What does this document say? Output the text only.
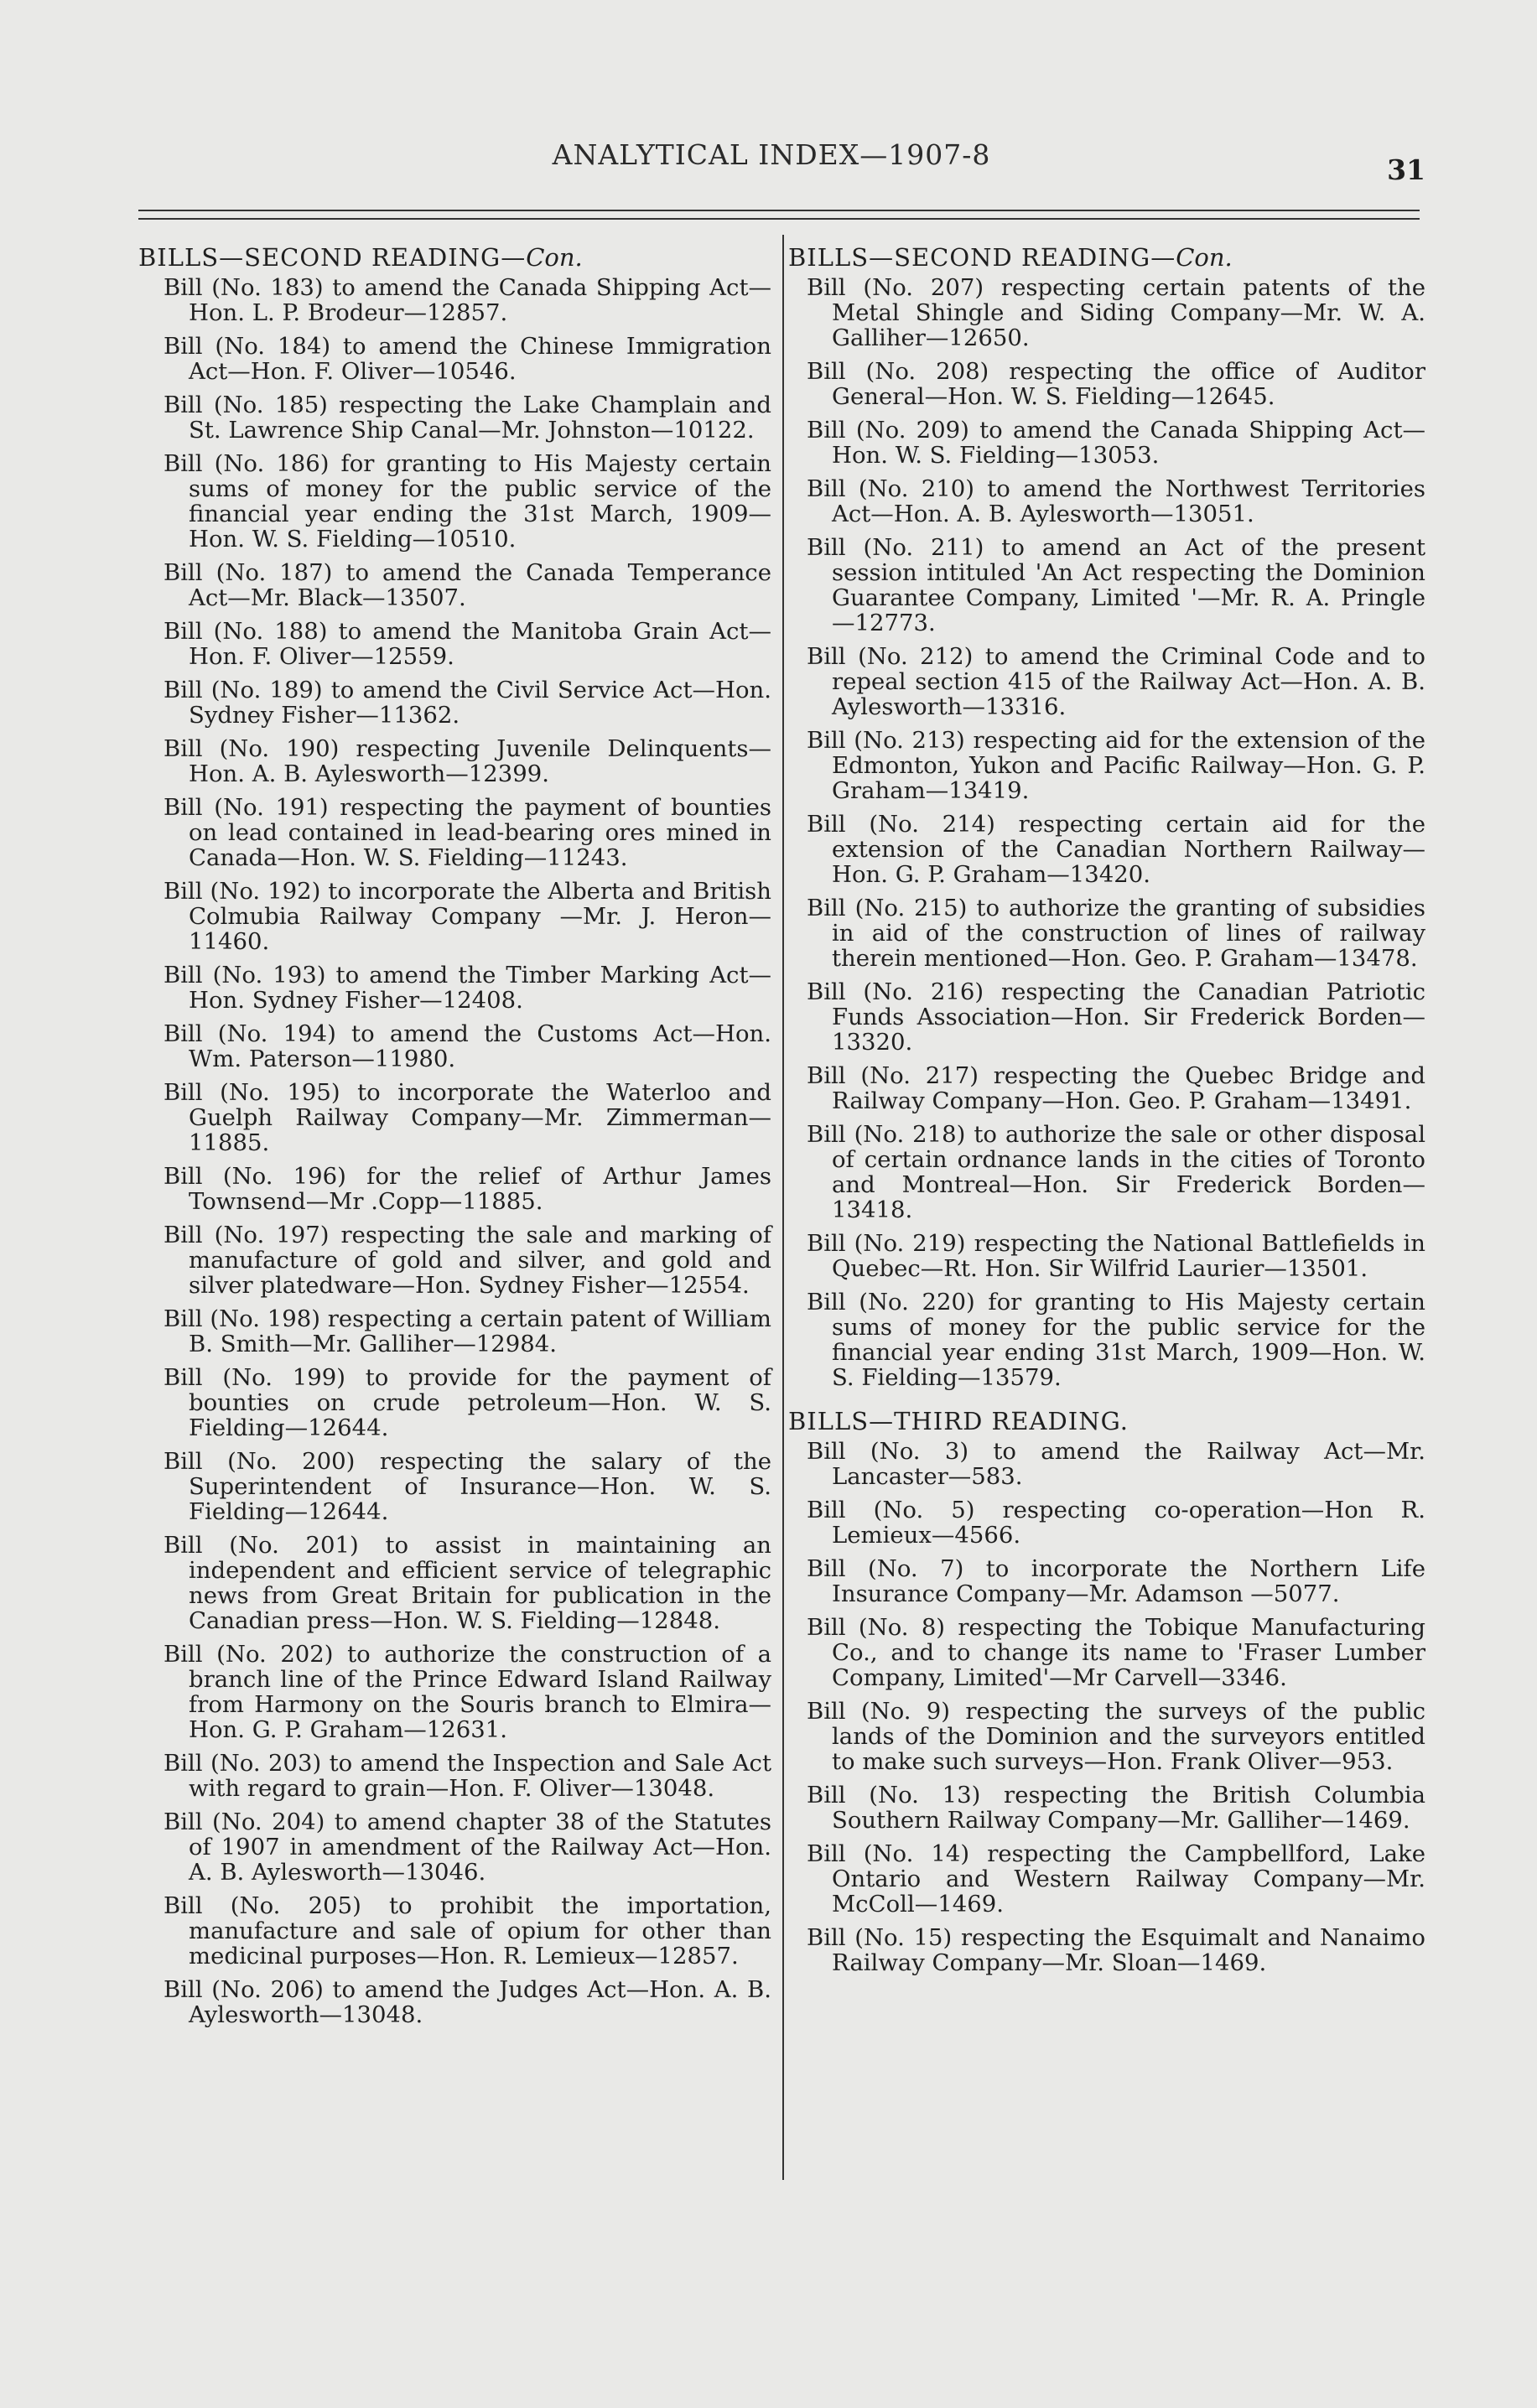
ANALYTICAL INDEX—1907-8	31
BILLS—SECOND READING—Con.

Bill (No. 183) to amend the Canada Shipping Act—Hon. L. P. Brodeur—12857.

Bill (No. 184) to amend the Chinese Immigration Act—Hon. F. Oliver—10546.

Bill (No. 185) respecting the Lake Champlain and St. Lawrence Ship Canal—Mr. Johnston—10122.

Bill (No. 186) for granting to His Majesty certain sums of money for the public service of the financial year ending the 31st March, 1909—Hon. W. S. Fielding—10510.

Bill (No. 187) to amend the Canada Temperance Act—Mr. Black—13507.

Bill (No. 188) to amend the Manitoba Grain Act—Hon. F. Oliver—12559.

Bill (No. 189) to amend the Civil Service Act—Hon. Sydney Fisher—11362.

Bill (No. 190) respecting Juvenile Delinquents—Hon. A. B. Aylesworth—12399.

Bill (No. 191) respecting the payment of bounties on lead contained in lead-bearing ores mined in Canada—Hon. W. S. Fielding—11243.

Bill (No. 192) to incorporate the Alberta and British Colmubia Railway Company —Mr. J. Heron—11460.

Bill (No. 193) to amend the Timber Marking Act—Hon. Sydney Fisher—12408.

Bill (No. 194) to amend the Customs Act—Hon. Wm. Paterson—11980.

Bill (No. 195) to incorporate the Waterloo and Guelph Railway Company—Mr. Zimmerman—11885.

Bill (No. 196) for the relief of Arthur James Townsend—Mr .Copp—11885.

Bill (No. 197) respecting the sale and marking of manufacture of gold and silver, and gold and silver platedware—Hon. Sydney Fisher—12554.

Bill (No. 198) respecting a certain patent of William B. Smith—Mr. Galliher—12984.

Bill (No. 199) to provide for the payment of bounties on crude petroleum—Hon. W. S. Fielding—12644.

Bill (No. 200) respecting the salary of the Superintendent of Insurance—Hon. W. S. Fielding—12644.

Bill (No. 201) to assist in maintaining an independent and efficient service of telegraphic news from Great Britain for publication in the Canadian press—Hon. W. S. Fielding—12848.

Bill (No. 202) to authorize the construction of a branch line of the Prince Edward Island Railway from Harmony on the Souris branch to Elmira—Hon. G. P. Graham—12631.

Bill (No. 203) to amend the Inspection and Sale Act with regard to grain—Hon. F. Oliver—13048.

Bill (No. 204) to amend chapter 38 of the Statutes of 1907 in amendment of the Railway Act—Hon. A. B. Aylesworth—13046.

Bill (No. 205) to prohibit the importation, manufacture and sale of opium for other than medicinal purposes—Hon. R. Lemieux—12857.

Bill (No. 206) to amend the Judges Act—Hon. A. B. Aylesworth—13048.

BILLS—SECOND READING—Con.

Bill (No. 207) respecting certain patents of the Metal Shingle and Siding Company—Mr. W. A. Galliher—12650.

Bill (No. 208) respecting the office of Auditor General—Hon. W. S. Fielding—12645.

Bill (No. 209) to amend the Canada Shipping Act—Hon. W. S. Fielding—13053.

Bill (No. 210) to amend the Northwest Territories Act—Hon. A. B. Aylesworth—13051.

Bill (No. 211) to amend an Act of the present session intituled 'An Act respecting the Dominion Guarantee Company, Limited '—Mr. R. A. Pringle—12773.

Bill (No. 212) to amend the Criminal Code and to repeal section 415 of the Railway Act—Hon. A. B. Aylesworth—13316.

Bill (No. 213) respecting aid for the extension of the Edmonton, Yukon and Pacific Railway—Hon. G. P. Graham—13419.

Bill (No. 214) respecting certain aid for the extension of the Canadian Northern Railway—Hon. G. P. Graham—13420.

Bill (No. 215) to authorize the granting of subsidies in aid of the construction of lines of railway therein mentioned—Hon. Geo. P. Graham—13478.

Bill (No. 216) respecting the Canadian Patriotic Funds Association—Hon. Sir Frederick Borden—13320.

Bill (No. 217) respecting the Quebec Bridge and Railway Company—Hon. Geo. P. Graham—13491.

Bill (No. 218) to authorize the sale or other disposal of certain ordnance lands in the cities of Toronto and Montreal—Hon. Sir Frederick Borden—13418.

Bill (No. 219) respecting the National Battlefields in Quebec—Rt. Hon. Sir Wilfrid Laurier—13501.

Bill (No. 220) for granting to His Majesty certain sums of money for the public service for the financial year ending 31st March, 1909—Hon. W. S. Fielding—13579.

BILLS—THIRD READING.

Bill (No. 3) to amend the Railway Act—Mr. Lancaster—583.

Bill (No. 5) respecting co-operation—Hon R. Lemieux—4566.

Bill (No. 7) to incorporate the Northern Life Insurance Company—Mr. Adamson —5077.

Bill (No. 8) respecting the Tobique Manufacturing Co., and to change its name to 'Fraser Lumber Company, Limited'—Mr Carvell—3346.

Bill (No. 9) respecting the surveys of the public lands of the Dominion and the surveyors entitled to make such surveys—Hon. Frank Oliver—953.

Bill (No. 13) respecting the British Columbia Southern Railway Company—Mr. Galliher—1469.

Bill (No. 14) respecting the Campbellford, Lake Ontario and Western Railway Company—Mr. McColl—1469.

Bill (No. 15) respecting the Esquimalt and Nanaimo Railway Company—Mr. Sloan—1469.
